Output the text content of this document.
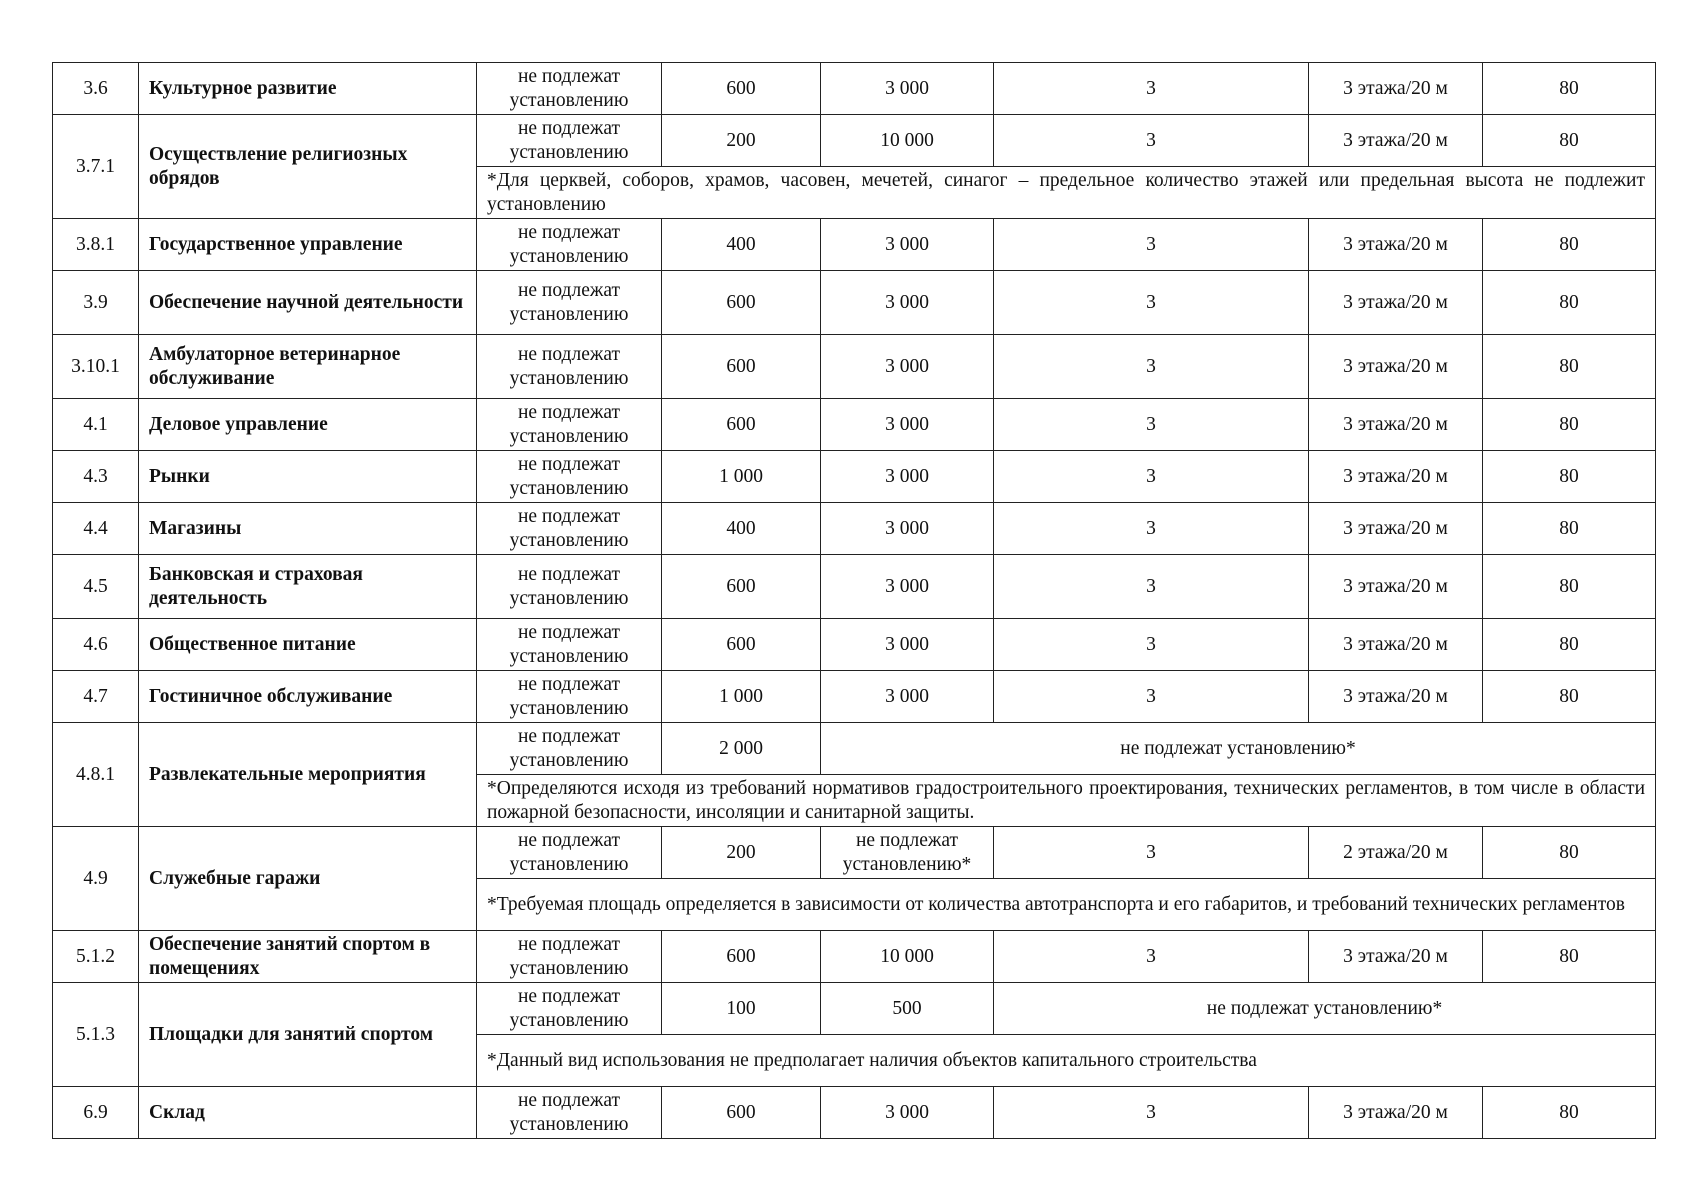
3.6	Культурное развитие	не подлежат установлению	600	3 000	3	3 этажа/20 м	80
3.7.1	Осуществление религиозных обрядов	не подлежат установлению	200	10 000	3	3 этажа/20 м	80
		*Для церквей, соборов, храмов, часовен, мечетей, синагог – предельное количество этажей или предельная высота не подлежит установлению					
3.8.1	Государственное управление	не подлежат установлению	400	3 000	3	3 этажа/20 м	80
3.9	Обеспечение научной деятельности	не подлежат установлению	600	3 000	3	3 этажа/20 м	80
3.10.1	Амбулаторное ветеринарное обслуживание	не подлежат установлению	600	3 000	3	3 этажа/20 м	80
4.1	Деловое управление	не подлежат установлению	600	3 000	3	3 этажа/20 м	80
4.3	Рынки	не подлежат установлению	1 000	3 000	3	3 этажа/20 м	80
4.4	Магазины	не подлежат установлению	400	3 000	3	3 этажа/20 м	80
4.5	Банковская и страховая деятельность	не подлежат установлению	600	3 000	3	3 этажа/20 м	80
4.6	Общественное питание	не подлежат установлению	600	3 000	3	3 этажа/20 м	80
4.7	Гостиничное обслуживание	не подлежат установлению	1 000	3 000	3	3 этажа/20 м	80
4.8.1	Развлекательные мероприятия	не подлежат установлению	2 000	не подлежат установлению*			
		*Определяются исходя из требований нормативов градостроительного проектирования, технических регламентов, в том числе в области пожарной безопасности, инсоляции и санитарной защиты.					
4.9	Служебные гаражи	не подлежат установлению	200	не подлежат установлению*	3	2 этажа/20 м	80
		*Требуемая площадь определяется в зависимости от количества автотранспорта и его габаритов, и требований технических регламентов					
5.1.2	Обеспечение занятий спортом в помещениях	не подлежат установлению	600	10 000	3	3 этажа/20 м	80
5.1.3	Площадки для занятий спортом	не подлежат установлению	100	500	не подлежат установлению*		
		*Данный вид использования не предполагает наличия объектов капитального строительства					
6.9	Склад	не подлежат установлению	600	3 000	3	3 этажа/20 м	80
